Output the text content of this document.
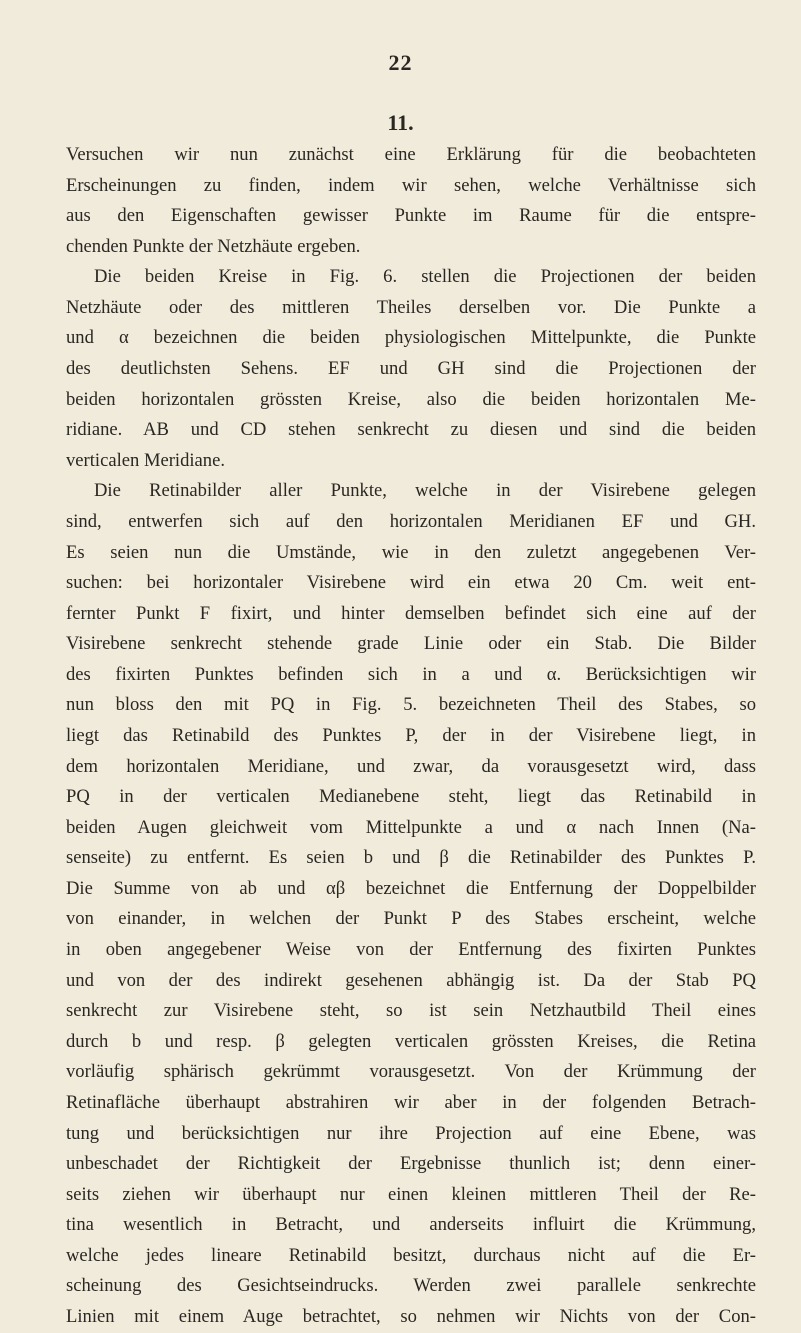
22
11.
Versuchen wir nun zunächst eine Erklärung für die beobachteten
Erscheinungen zu finden, indem wir sehen, welche Verhältnisse sich
aus den Eigenschaften gewisser Punkte im Raume für die entspre-
chenden Punkte der Netzhäute ergeben.
Die beiden Kreise in Fig. 6. stellen die Projectionen der beiden
Netzhäute oder des mittleren Theiles derselben vor. Die Punkte a
und α bezeichnen die beiden physiologischen Mittelpunkte, die Punkte
des deutlichsten Sehens. EF und GH sind die Projectionen der
beiden horizontalen grössten Kreise, also die beiden horizontalen Me-
ridiane. AB und CD stehen senkrecht zu diesen und sind die beiden
verticalen Meridiane.
Die Retinabilder aller Punkte, welche in der Visirebene gelegen
sind, entwerfen sich auf den horizontalen Meridianen EF und GH.
Es seien nun die Umstände, wie in den zuletzt angegebenen Ver-
suchen: bei horizontaler Visirebene wird ein etwa 20 Cm. weit ent-
fernter Punkt F fixirt, und hinter demselben befindet sich eine auf der
Visirebene senkrecht stehende grade Linie oder ein Stab. Die Bilder
des fixirten Punktes befinden sich in a und α. Berücksichtigen wir
nun bloss den mit PQ in Fig. 5. bezeichneten Theil des Stabes, so
liegt das Retinabild des Punktes P, der in der Visirebene liegt, in
dem horizontalen Meridiane, und zwar, da vorausgesetzt wird, dass
PQ in der verticalen Medianebene steht, liegt das Retinabild in
beiden Augen gleichweit vom Mittelpunkte a und α nach Innen (Na-
senseite) zu entfernt. Es seien b und β die Retinabilder des Punktes P.
Die Summe von ab und αβ bezeichnet die Entfernung der Doppelbilder
von einander, in welchen der Punkt P des Stabes erscheint, welche
in oben angegebener Weise von der Entfernung des fixirten Punktes
und von der des indirekt gesehenen abhängig ist. Da der Stab PQ
senkrecht zur Visirebene steht, so ist sein Netzhautbild Theil eines
durch b und resp. β gelegten verticalen grössten Kreises, die Retina
vorläufig sphärisch gekrümmt vorausgesetzt. Von der Krümmung der
Retinafläche überhaupt abstrahiren wir aber in der folgenden Betrach-
tung und berücksichtigen nur ihre Projection auf eine Ebene, was
unbeschadet der Richtigkeit der Ergebnisse thunlich ist; denn einer-
seits ziehen wir überhaupt nur einen kleinen mittleren Theil der Re-
tina wesentlich in Betracht, und anderseits influirt die Krümmung,
welche jedes lineare Retinabild besitzt, durchaus nicht auf die Er-
scheinung des Gesichtseindrucks. Werden zwei parallele senkrechte
Linien mit einem Auge betrachtet, so nehmen wir Nichts von der Con-
